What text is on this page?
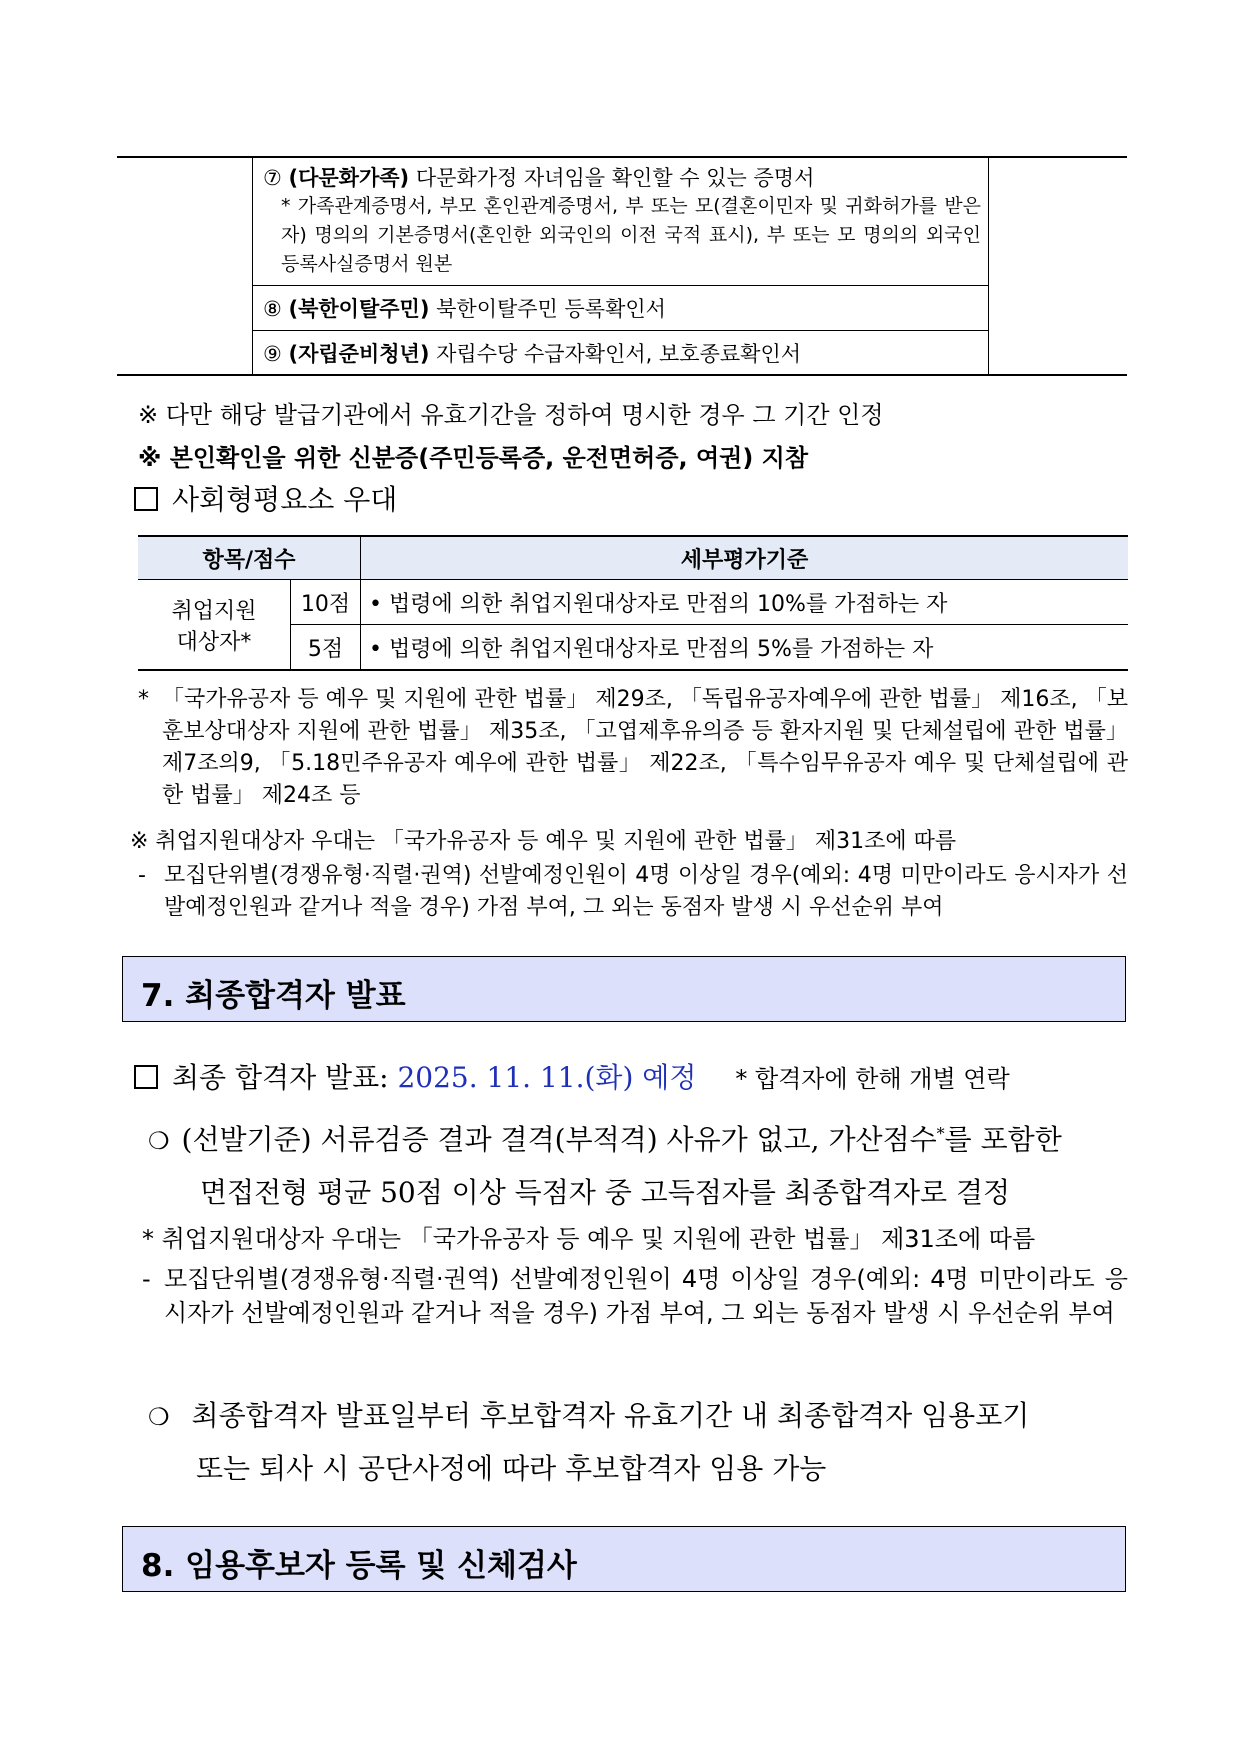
⑦ (다문화가족) 다문화가정 자녀임을 확인할 수 있는 증명서
* 가족관계증명서, 부모 혼인관계증명서, 부 또는 모(결혼이민자 및 귀화허가를 받은 자) 명의의 기본증명서(혼인한 외국인의 이전 국적 표시), 부 또는 모 명의의 외국인 등록사실증명서 원본
⑧ (북한이탈주민) 북한이탈주민 등록확인서
⑨ (자립준비청년) 자립수당 수급자확인서, 보호종료확인서
※ 다만 해당 발급기관에서 유효기간을 정하여 명시한 경우 그 기간 인정
※ 본인확인을 위한 신분증(주민등록증, 운전면허증, 여권) 지참
사회형평요소 우대
항목/점수		세부평가기준

취업지원
대상자*	10점	• 법령에 의한 취업지원대상자로 만점의 10%를 가점하는 자
	5점	• 법령에 의한 취업지원대상자로 만점의 5%를 가점하는 자
* 「국가유공자 등 예우 및 지원에 관한 법률」 제29조, 「독립유공자예우에 관한 법률」 제16조, 「보훈보상대상자 지원에 관한 법률」 제35조, 「고엽제후유의증 등 환자지원 및 단체설립에 관한 법률」 제7조의9, 「5.18민주유공자 예우에 관한 법률」 제22조, 「특수임무유공자 예우 및 단체설립에 관한 법률」 제24조 등
※ 취업지원대상자 우대는 「국가유공자 등 예우 및 지원에 관한 법률」 제31조에 따름
- 모집단위별(경쟁유형·직렬·권역) 선발예정인원이 4명 이상일 경우(예외: 4명 미만이라도 응시자가 선발예정인원과 같거나 적을 경우) 가점 부여, 그 외는 동점자 발생 시 우선순위 부여
7. 최종합격자 발표
최종 합격자 발표: 2025. 11. 11.(화) 예정 * 합격자에 한해 개별 연락
❍ (선발기준) 서류검증 결과 결격(부적격) 사유가 없고, 가산점수*를 포함한
면접전형 평균 50점 이상 득점자 중 고득점자를 최종합격자로 결정
* 취업지원대상자 우대는 「국가유공자 등 예우 및 지원에 관한 법률」 제31조에 따름
- 모집단위별(경쟁유형·직렬·권역) 선발예정인원이 4명 이상일 경우(예외: 4명 미만이라도 응시자가 선발예정인원과 같거나 적을 경우) 가점 부여, 그 외는 동점자 발생 시 우선순위 부여
❍ 최종합격자 발표일부터 후보합격자 유효기간 내 최종합격자 임용포기
또는 퇴사 시 공단사정에 따라 후보합격자 임용 가능
8. 임용후보자 등록 및 신체검사
